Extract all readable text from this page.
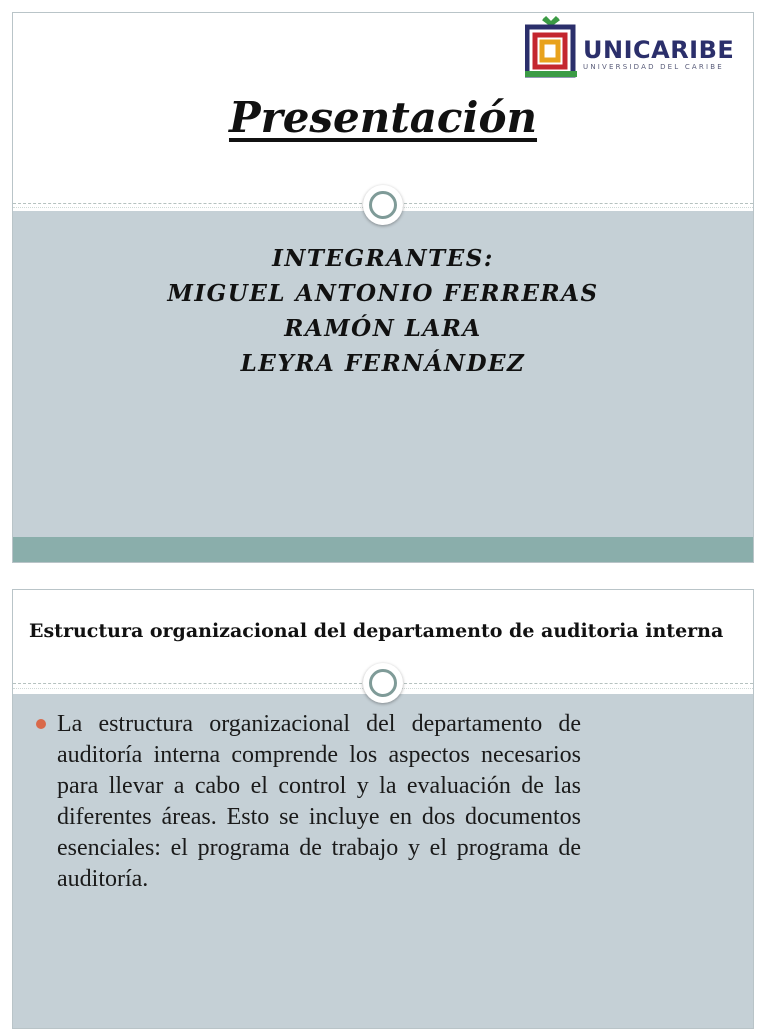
UNICARIBE
UNIVERSIDAD DEL CARIBE
Presentación
INTEGRANTES:
MIGUEL ANTONIO FERRERAS
RAMÓN LARA
LEYRA FERNÁNDEZ
Estructura organizacional del departamento de auditoria interna
La estructura organizacional del departamento de auditoría interna comprende los aspectos necesarios para llevar a cabo el control y la evaluación de las diferentes áreas. Esto se incluye en dos documentos esenciales: el programa de trabajo y el programa de auditoría.
